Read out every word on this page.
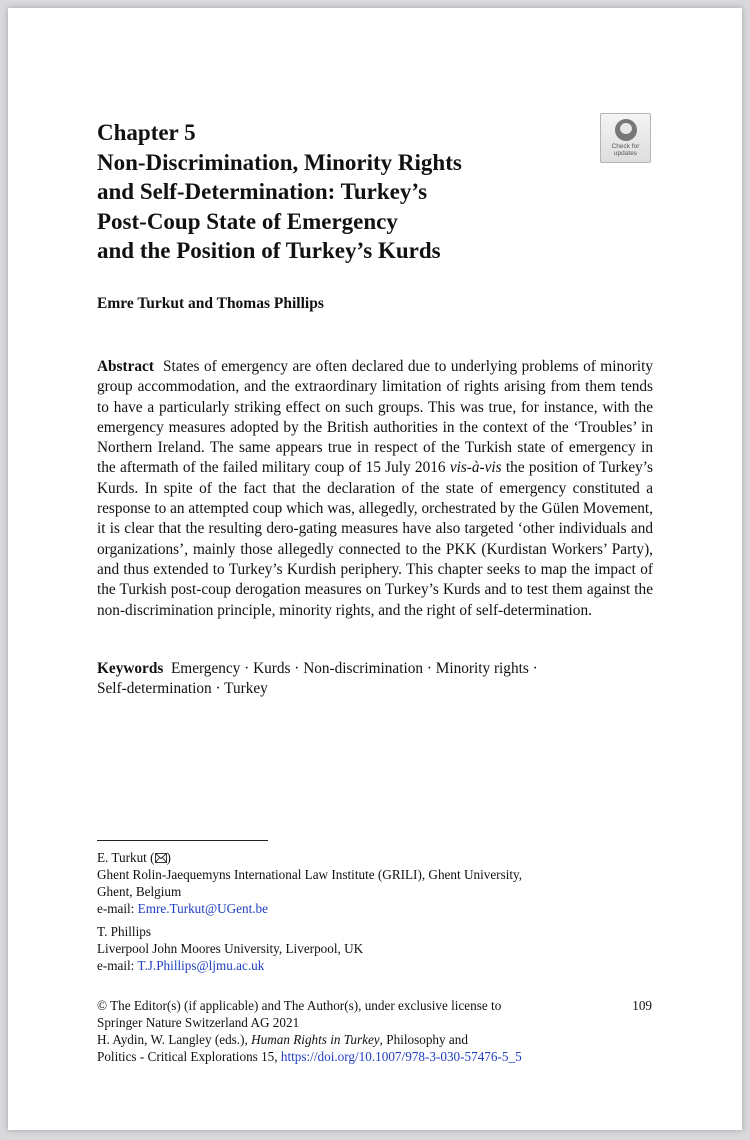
Chapter 5
Non-Discrimination, Minority Rights
and Self-Determination: Turkey’s
Post-Coup State of Emergency
and the Position of Turkey’s Kurds
Check for
updates
Emre Turkut and Thomas Phillips
Abstract States of emergency are often declared due to underlying problems of minority group accommodation, and the extraordinary limitation of rights arising from them tends to have a particularly striking effect on such groups. This was true, for instance, with the emergency measures adopted by the British authorities in the context of the ‘Troubles’ in Northern Ireland. The same appears true in respect of the Turkish state of emergency in the aftermath of the failed military coup of 15 July 2016 vis-à-vis the position of Turkey’s Kurds. In spite of the fact that the declaration of the state of emergency constituted a response to an attempted coup which was, allegedly, orchestrated by the Gülen Movement, it is clear that the resulting dero-gating measures have also targeted ‘other individuals and organizations’, mainly those allegedly connected to the PKK (Kurdistan Workers’ Party), and thus extended to Turkey’s Kurdish periphery. This chapter seeks to map the impact of the Turkish post-coup derogation measures on Turkey’s Kurds and to test them against the non-discrimination principle, minority rights, and the right of self-determination.
Keywords Emergency · Kurds · Non-discrimination · Minority rights ·
Self-determination · Turkey
E. Turkut ( )
Ghent Rolin-Jaequemyns International Law Institute (GRILI), Ghent University,
Ghent, Belgium
e-mail: Emre.Turkut@UGent.be
T. Phillips
Liverpool John Moores University, Liverpool, UK
e-mail: T.J.Phillips@ljmu.ac.uk
© The Editor(s) (if applicable) and The Author(s), under exclusive license to
Springer Nature Switzerland AG 2021
H. Aydin, W. Langley (eds.), Human Rights in Turkey, Philosophy and
Politics - Critical Explorations 15, https://doi.org/10.1007/978-3-030-57476-5_5
109
